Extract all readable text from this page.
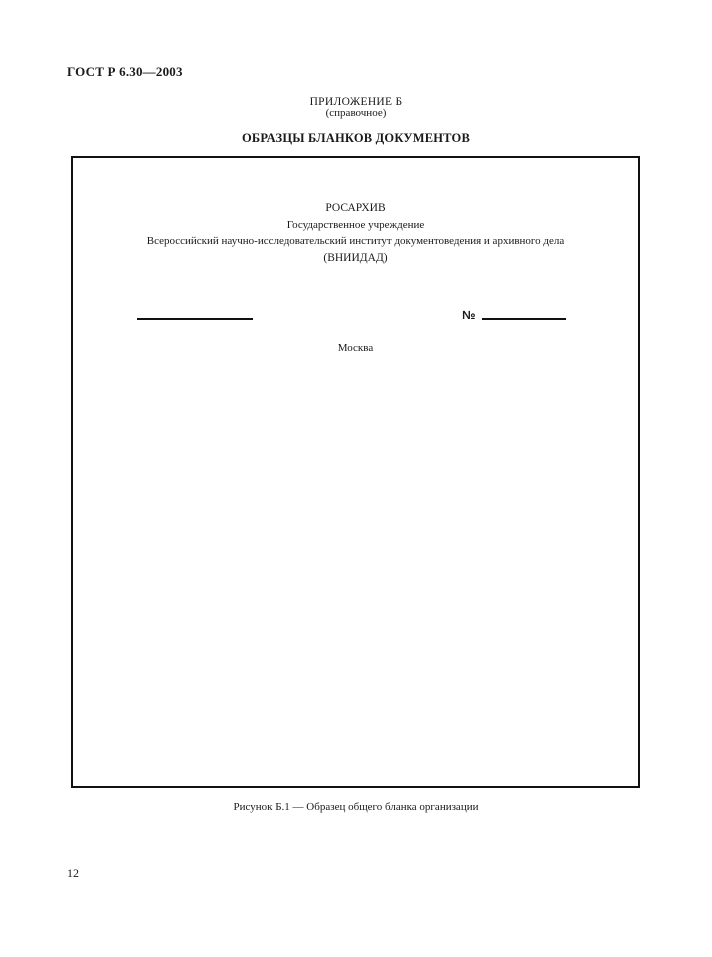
ГОСТ Р 6.30—2003
ПРИЛОЖЕНИЕ Б
(справочное)
ОБРАЗЦЫ БЛАНКОВ ДОКУМЕНТОВ
РОСАРХИВ
Государственное учреждение
Всероссийский научно-исследовательский институт документоведения и архивного дела
(ВНИИДАД)
№
Москва
Рисунок Б.1 — Образец общего бланка организации
12
